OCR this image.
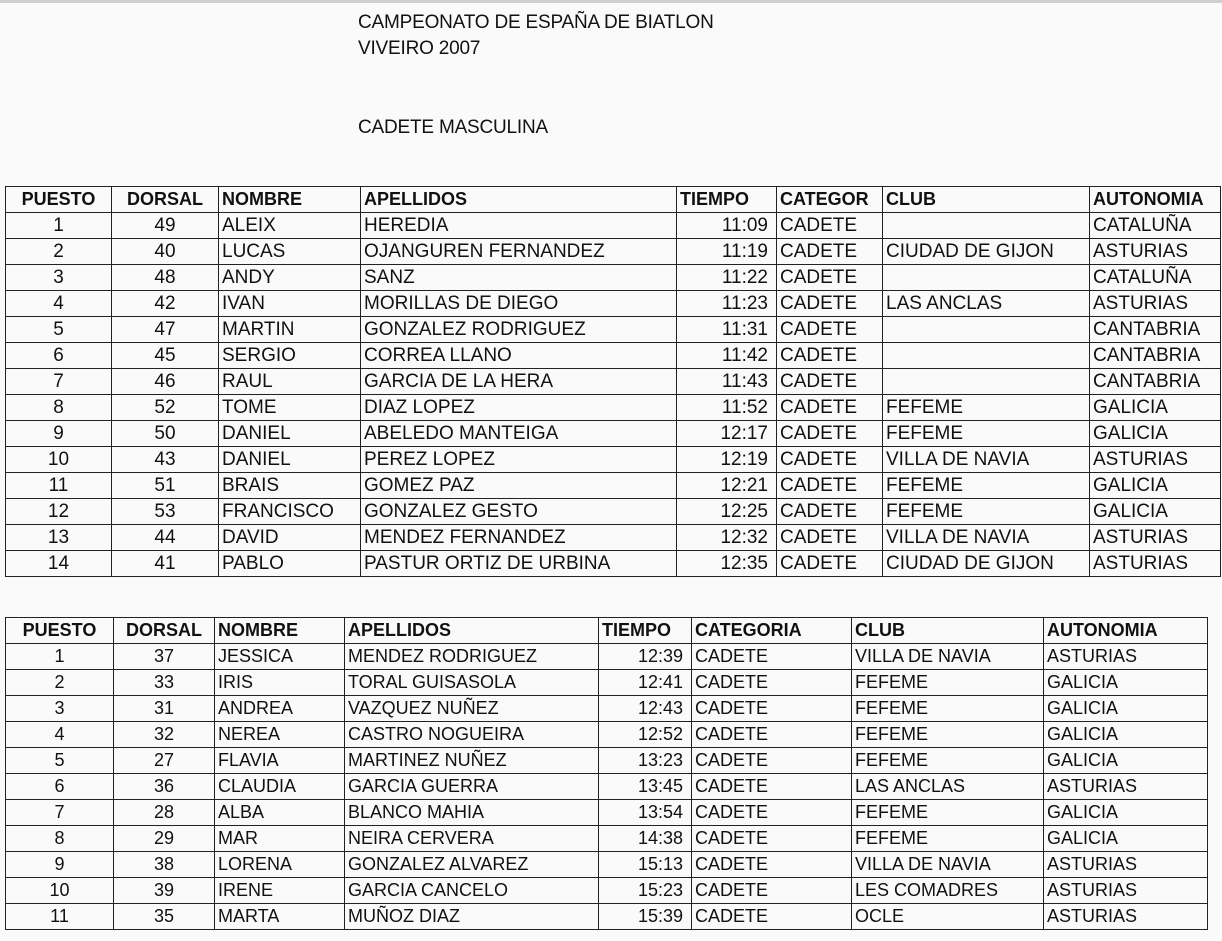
CAMPEONATO DE ESPAÑA DE BIATLON
VIVEIRO 2007
CADETE MASCULINA
PUESTO	DORSAL	NOMBRE	APELLIDOS	TIEMPO	CATEGOR	CLUB	AUTONOMIA
1	49	ALEIX	HEREDIA	11:09	CADETE		CATALUÑA
2	40	LUCAS	OJANGUREN FERNANDEZ	11:19	CADETE	CIUDAD DE GIJON	ASTURIAS
3	48	ANDY	SANZ	11:22	CADETE		CATALUÑA
4	42	IVAN	MORILLAS DE DIEGO	11:23	CADETE	LAS ANCLAS	ASTURIAS
5	47	MARTIN	GONZALEZ RODRIGUEZ	11:31	CADETE		CANTABRIA
6	45	SERGIO	CORREA LLANO	11:42	CADETE		CANTABRIA
7	46	RAUL	GARCIA DE LA HERA	11:43	CADETE		CANTABRIA
8	52	TOME	DIAZ LOPEZ	11:52	CADETE	FEFEME	GALICIA
9	50	DANIEL	ABELEDO MANTEIGA	12:17	CADETE	FEFEME	GALICIA
10	43	DANIEL	PEREZ LOPEZ	12:19	CADETE	VILLA DE NAVIA	ASTURIAS
11	51	BRAIS	GOMEZ PAZ	12:21	CADETE	FEFEME	GALICIA
12	53	FRANCISCO	GONZALEZ GESTO	12:25	CADETE	FEFEME	GALICIA
13	44	DAVID	MENDEZ FERNANDEZ	12:32	CADETE	VILLA DE NAVIA	ASTURIAS
14	41	PABLO	PASTUR ORTIZ DE URBINA	12:35	CADETE	CIUDAD DE GIJON	ASTURIAS
PUESTO	DORSAL	NOMBRE	APELLIDOS	TIEMPO	CATEGORIA	CLUB	AUTONOMIA
1	37	JESSICA	MENDEZ RODRIGUEZ	12:39	CADETE	VILLA DE NAVIA	ASTURIAS
2	33	IRIS	TORAL GUISASOLA	12:41	CADETE	FEFEME	GALICIA
3	31	ANDREA	VAZQUEZ NUÑEZ	12:43	CADETE	FEFEME	GALICIA
4	32	NEREA	CASTRO NOGUEIRA	12:52	CADETE	FEFEME	GALICIA
5	27	FLAVIA	MARTINEZ NUÑEZ	13:23	CADETE	FEFEME	GALICIA
6	36	CLAUDIA	GARCIA GUERRA	13:45	CADETE	LAS ANCLAS	ASTURIAS
7	28	ALBA	BLANCO MAHIA	13:54	CADETE	FEFEME	GALICIA
8	29	MAR	NEIRA CERVERA	14:38	CADETE	FEFEME	GALICIA
9	38	LORENA	GONZALEZ ALVAREZ	15:13	CADETE	VILLA DE NAVIA	ASTURIAS
10	39	IRENE	GARCIA CANCELO	15:23	CADETE	LES COMADRES	ASTURIAS
11	35	MARTA	MUÑOZ DIAZ	15:39	CADETE	OCLE	ASTURIAS
